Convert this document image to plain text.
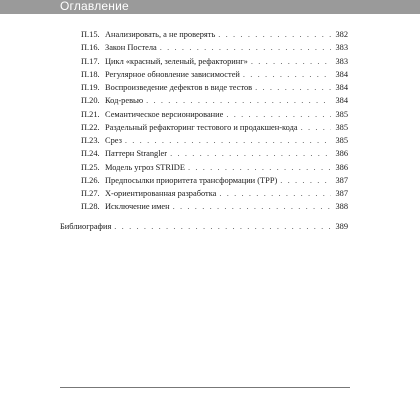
Оглавление
П.15. Анализировать, а не проверять . . .	382
П.16. Закон Постела . . .	383
П.17. Цикл «красный, зеленый, рефакторинг» . . .	383
П.18. Регулярное обновление зависимостей . . .	384
П.19. Воспроизведение дефектов в виде тестов . . .	384
П.20. Код-ревью . . .	384
П.21. Семантическое версионирование . . .	385
П.22. Раздельный рефакторинг тестового и продакшен-кода . . .	385
П.23. Срез . . .	385
П.24. Паттерн Strangler . . .	386
П.25. Модель угроз STRIDE . . .	386
П.26. Предпосылки приоритета трансформации (TPP) . . .	387
П.27. X-ориентированная разработка . . .	387
П.28. Исключение имен . . .	388
Библиография . . .	389
